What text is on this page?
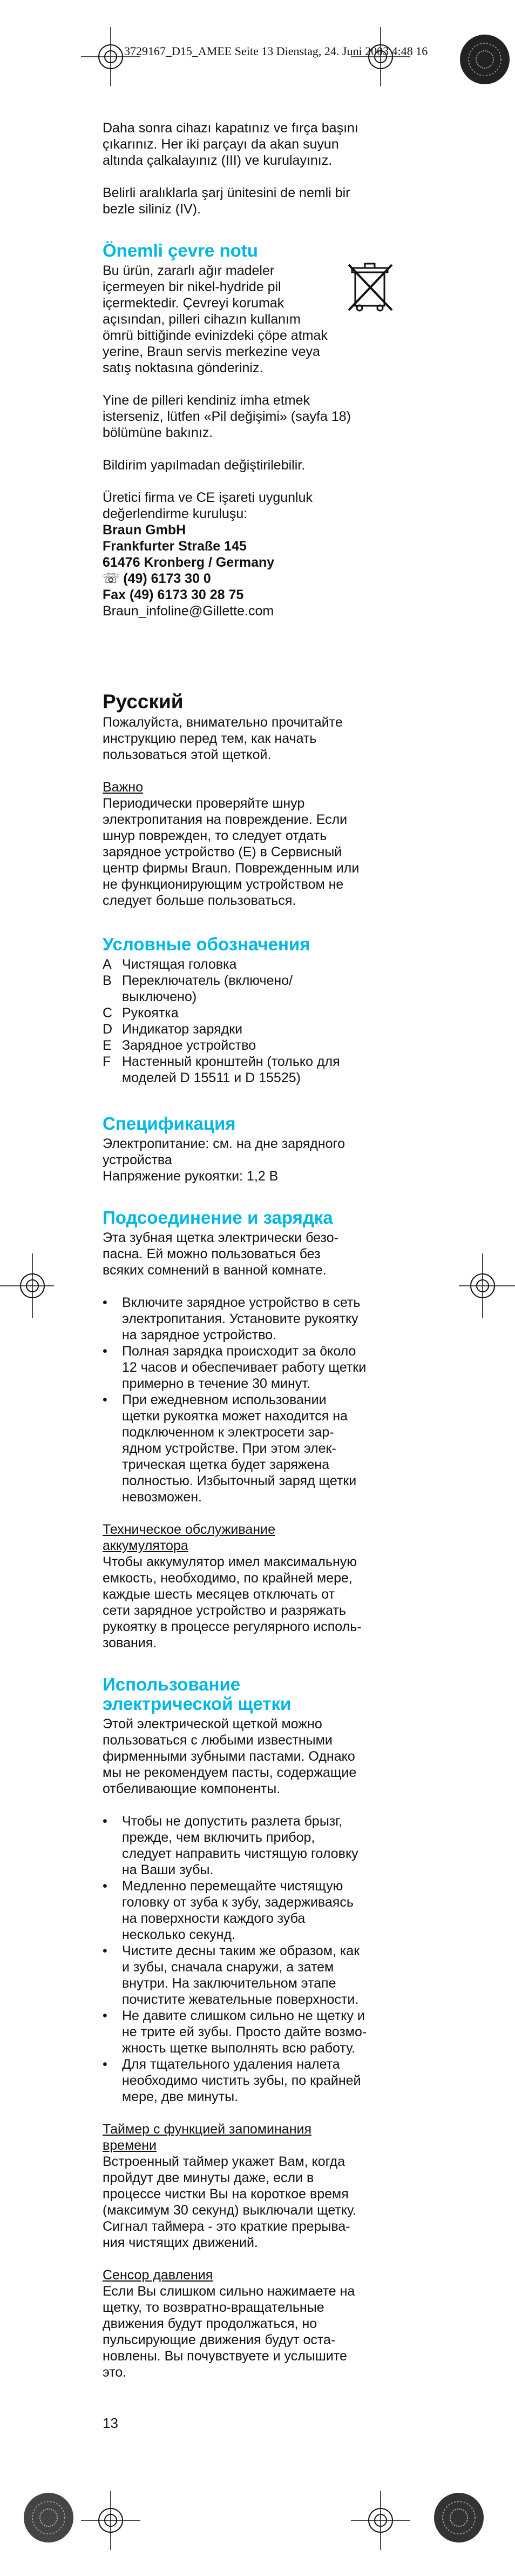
3729167_D15_AMEE Seite 13 Dienstag, 24. Juni 2003 4:48 16

Daha sonra cihazı kapatınız ve fırça başını
çıkarınız. Her iki parçayı da akan suyun
altında çalkalayınız (III) ve kurulayınız.

Belirli aralıklarla şarj ünitesini de nemli bir
bezle siliniz (IV).

Önemli çevre notu

Bu ürün, zararlı ağır madeler
içermeyen bir nikel-hydride pil
içermektedir. Çevreyi korumak
açısından, pilleri cihazın kullanım
ömrü bittiğinde evinizdeki çöpe atmak
yerine, Braun servis merkezine veya
satış noktasına gönderiniz.

Yine de pilleri kendiniz imha etmek
isterseniz, lütfen «Pil değişimi» (sayfa 18)
bölümüne bakınız.

Bildirim yapılmadan değiştirilebilir.

Üretici firma ve CE işareti uygunluk
değerlendirme kuruluşu:
Braun GmbH
Frankfurter Straße 145
61476 Kronberg / Germany
☏ (49) 6173 30 0
Fax (49) 6173 30 28 75
Braun_infoline@Gillette.com

Русский

Пожалуйста, внимательно прочитайте
инструкцию перед тем, как начать
пользоваться этой щеткой.

Важно

Периодически проверяйте шнур
электропитания на повреждение. Если
шнур поврежден, то следует отдать
зарядное устройство (E) в Сервисный
центр фирмы Braun. Поврежденным или
не функционирующим устройством не
следует больше пользоваться.

Условные обозначения
A Чистящая головка
B Переключатель (включено/
выключено)
C Рукоятка
D Индикатор зарядки
E Зарядное устройство
F Настенный кронштейн (только для
моделей D 15511 и D 15525)
Спецификация

Электропитание: см. на дне зарядного
устройства
Напряжение рукоятки: 1,2 В

Подсоединение и зарядка

Эта зубная щетка электрически безо-
пасна. Ей можно пользоваться без
всяких сомнений в ванной комнате.

•	Включите зарядное устройство в сеть
электропитания. Установите рукоятку
на зарядное устройство.
•	Полная зарядка происходит за ôколо
12 часов и обеспечивает работу щетки
примерно в течение 30 минут.
•	При ежедневном использовании
щетки рукоятка может находится на
подключенном к электросети зар-
ядном устройстве. При этом элек-
трическая щетка будет заряжена
полностью. Избыточный заряд щетки
невозможен.

Техническое обслуживание
аккумулятора

Чтобы аккумулятор имел максимальную
емкость, необходимо, по крайней мере,
каждые шесть месяцев отключать от
сети зарядное устройство и разряжать
рукоятку в процессе регулярного исполь-
зования.

Использование
электрической щетки

Этой электрической щеткой можно
пользоваться с любыми известными
фирменными зубными пастами. Однако
мы не рекомендуем пасты, содержащие
отбеливающие компоненты.

•	Чтобы не допустить разлета брызг,
прежде, чем включить прибор,
следует направить чистящую головку
на Ваши зубы.
•	Медленно перемещайте чистящую
головку от зуба к зубу, задерживаясь
на поверхности каждого зуба
несколько секунд.
•	Чистите десны таким же образом, как
и зубы, сначала снаружи, а затем
внутри. На заключительном этапе
почистите жевательные поверхности.
•	Не давите слишком сильно не щетку и
не трите ей зубы. Просто дайте возмо-
жность щетке выполнять всю работу.
•	Для тщательного удаления налета
необходимо чистить зубы, по крайней
мере, две минуты.

Таймер с функцией запоминания
времени

Встроенный таймер укажет Вам, когда
пройдут две минуты даже, если в
процессе чистки Вы на короткое время
(максимум 30 секунд) выключали щетку.
Сигнал таймера - это краткие прерыва-
ния чистящих движений.

Сенсор давления

Если Вы слишком сильно нажимаете на
щетку, то возвратно-вращательные
движения будут продолжаться, но
пульсирующие движения будут оста-
новлены. Вы почувствуете и услышите
это.

13
